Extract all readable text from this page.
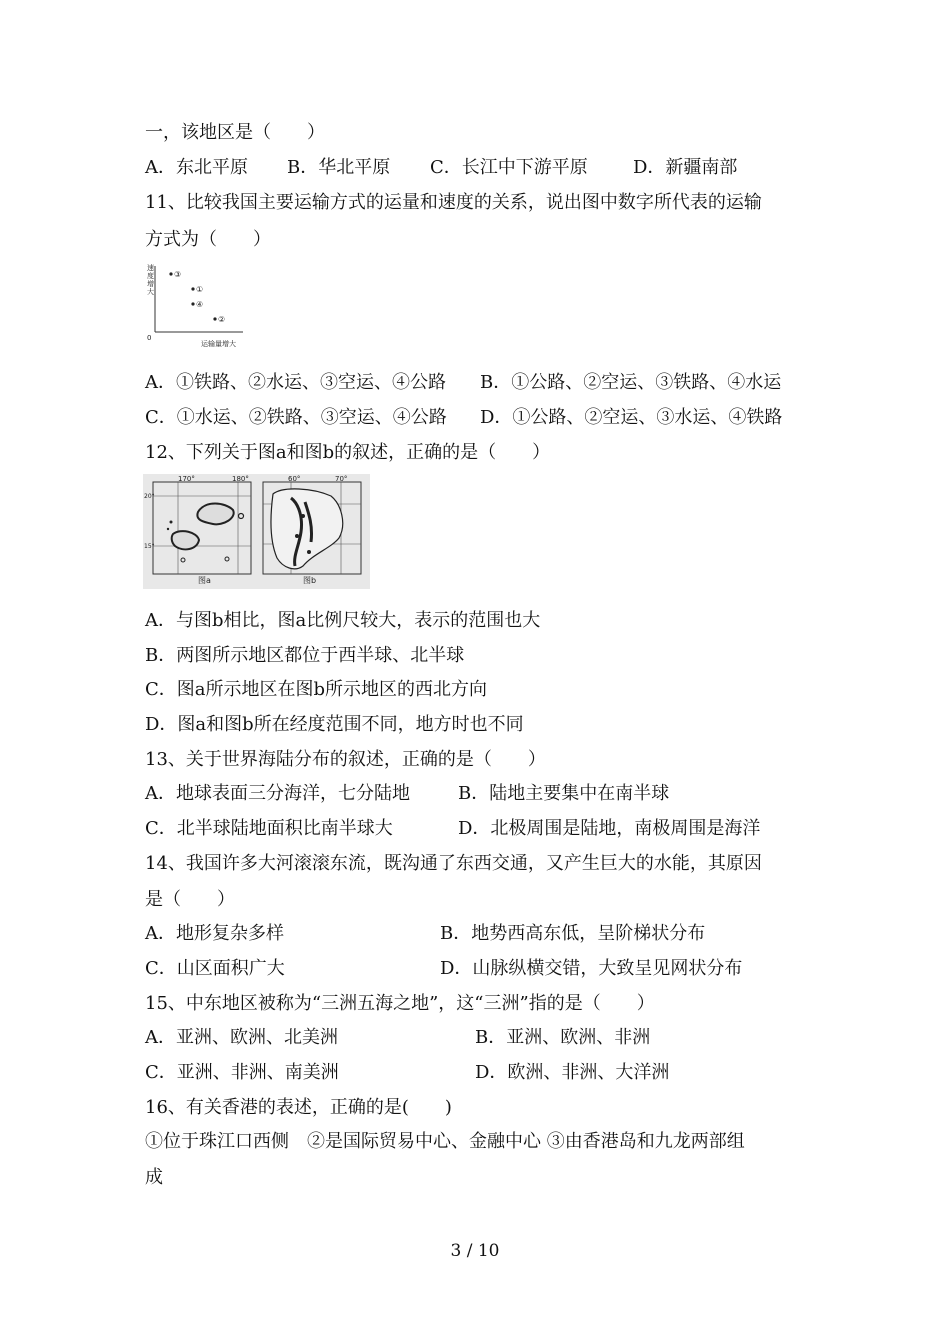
一，该地区是（　　）
A．东北平原 B．华北平原 C．长江中下游平原	D．新疆南部
11、比较我国主要运输方式的运量和速度的关系，说出图中数字所代表的运输
方式为（　　）
速 度 增 大
0
运输量增大
③
①
④
②
A．①铁路、②水运、③空运、④公路 B．①公路、②空运、③铁路、④水运
C．①水运、②铁路、③空运、④公路 D．①公路、②空运、③水运、④铁路
12、下列关于图a和图b的叙述，正确的是（　　）
170°	180°
20°
15°
图a
60°	70°
图b
A．与图b相比，图a比例尺较大，表示的范围也大
B．两图所示地区都位于西半球、北半球
C．图a所示地区在图b所示地区的西北方向
D．图a和图b所在经度范围不同，地方时也不同
13、关于世界海陆分布的叙述，正确的是（　　）
A．地球表面三分海洋，七分陆地	B．陆地主要集中在南半球
C．北半球陆地面积比南半球大	D．北极周围是陆地，南极周围是海洋
14、我国许多大河滚滚东流，既沟通了东西交通，又产生巨大的水能，其原因
是（　　）
A．地形复杂多样	B．地势西高东低，呈阶梯状分布
C．山区面积广大	D．山脉纵横交错，大致呈见网状分布
15、中东地区被称为“三洲五海之地”，这“三洲”指的是（　　）
A．亚洲、欧洲、北美洲	B．亚洲、欧洲、非洲
C．亚洲、非洲、南美洲	D．欧洲、非洲、大洋洲
16、有关香港的表述，正确的是(　　)
①位于珠江口西侧　②是国际贸易中心、金融中心 ③由香港岛和九龙两部组
成
3 / 10
